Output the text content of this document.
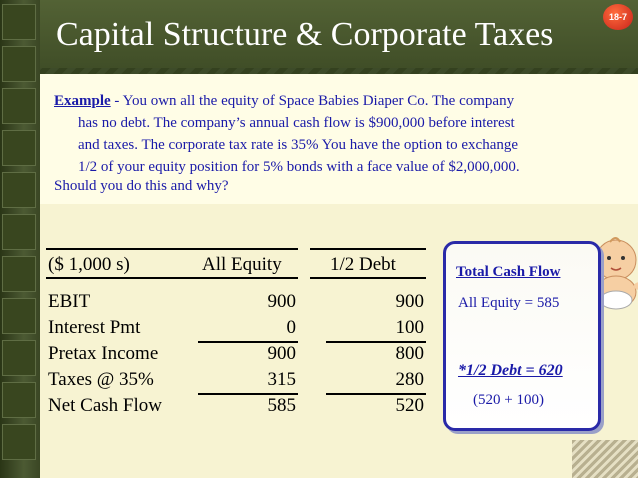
Capital Structure & Corporate Taxes	18-7
Example - You own all the equity of Space Babies Diaper Co. The company
has no debt. The company’s annual cash flow is $900,000 before interest
and taxes. The corporate tax rate is 35% You have the option to exchange
1/2 of your equity position for 5% bonds with a face value of $2,000,000.
Should you do this and why?
($ 1,000 s)	All Equity	1/2 Debt
EBIT	900	900
Interest Pmt	0	100
Pretax Income	900	800
Taxes @ 35%	315	280
Net Cash Flow	585	520
Total Cash Flow
All Equity = 585
*1/2 Debt = 620
(520 + 100)
